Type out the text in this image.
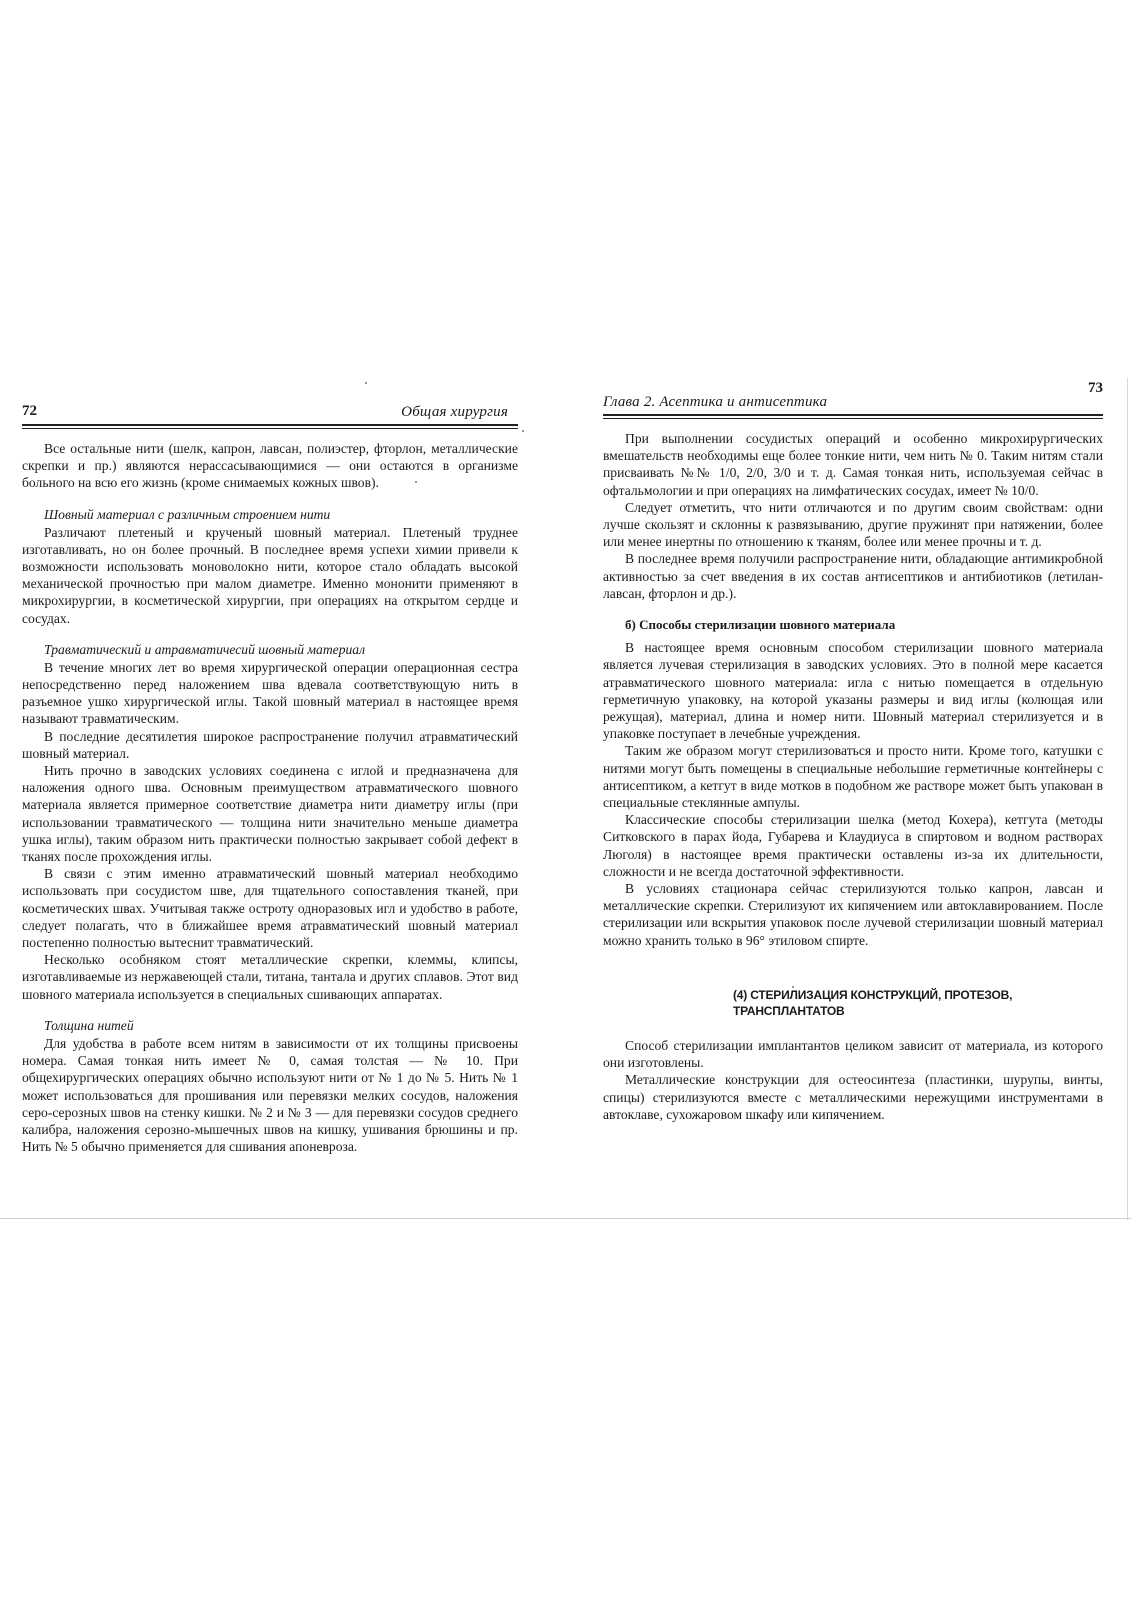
72	Общая хирургия

Все остальные нити (шелк, капрон, лавсан, полиэстер, фторлон, металлические скрепки и пр.) являются нерассасывающимися — они остаются в организме больного на всю его жизнь (кроме снимаемых кожных швов).

Шовный материал с различным строением нити

Различают плетеный и крученый шовный материал. Плетеный труднее изготавливать, но он более прочный. В последнее время успехи химии привели к возможности использовать моноволокно нити, которое стало обладать высокой механической прочностью при малом диаметре. Именно мононити применяют в микрохирургии, в косметической хирургии, при операциях на открытом сердце и сосудах.

Травматический и атравматичесий шовный материал

В течение многих лет во время хирургической операции операционная сестра непосредственно перед наложением шва вдевала соответствующую нить в разъемное ушко хирургической иглы. Такой шовный материал в настоящее время называют травматическим.

В последние десятилетия широкое распространение получил атравматический шовный материал.

Нить прочно в заводских условиях соединена с иглой и предназначена для наложения одного шва. Основным преимуществом атравматического шовного материала является примерное соответствие диаметра нити диаметру иглы (при использовании травматического — толщина нити значительно меньше диаметра ушка иглы), таким образом нить практически полностью закрывает собой дефект в тканях после прохождения иглы.

В связи с этим именно атравматический шовный материал необходимо использовать при сосудистом шве, для тщательного сопоставления тканей, при косметических швах. Учитывая также остроту одноразовых игл и удобство в работе, следует полагать, что в ближайшее время атравматический шовный материал постепенно полностью вытеснит травматический.

Несколько особняком стоят металлические скрепки, клеммы, клипсы, изготавливаемые из нержавеющей стали, титана, тантала и других сплавов. Этот вид шовного материала используется в специальных сшивающих аппаратах.

Толщина нитей

Для удобства в работе всем нитям в зависимости от их толщины присвоены номера. Самая тонкая нить имеет № 0, самая толстая — № 10. При общехирургических операциях обычно используют нити от № 1 до № 5. Нить № 1 может использоваться для прошивания или перевязки мелких сосудов, наложения серо-серозных швов на стенку кишки. № 2 и № 3 — для перевязки сосудов среднего калибра, наложения серозно-мышечных швов на кишку, ушивания брюшины и пр. Нить № 5 обычно применяется для сшивания апоневроза.

Глава 2. Асептика и антисептика
73

При выполнении сосудистых операций и особенно микрохирургических вмешательств необходимы еще более тонкие нити, чем нить № 0. Таким нитям стали присваивать №№ 1/0, 2/0, 3/0 и т. д. Самая тонкая нить, используемая сейчас в офтальмологии и при операциях на лимфатических сосудах, имеет № 10/0.

Следует отметить, что нити отличаются и по другим своим свойствам: одни лучше скользят и склонны к развязыванию, другие пружинят при натяжении, более или менее инертны по отношению к тканям, более или менее прочны и т. д.

В последнее время получили распространение нити, обладающие антимикробной активностью за счет введения в их состав антисептиков и антибиотиков (летилан-лавсан, фторлон и др.).

б) Способы стерилизации шовного материала

В настоящее время основным способом стерилизации шовного материала является лучевая стерилизация в заводских условиях. Это в полной мере касается атравматического шовного материала: игла с нитью помещается в отдельную герметичную упаковку, на которой указаны размеры и вид иглы (колющая или режущая), материал, длина и номер нити. Шовный материал стерилизуется и в упаковке поступает в лечебные учреждения.

Таким же образом могут стерилизоваться и просто нити. Кроме того, катушки с нитями могут быть помещены в специальные небольшие герметичные контейнеры с антисептиком, а кетгут в виде мотков в подобном же растворе может быть упакован в специальные стеклянные ампулы.

Классические способы стерилизации шелка (метод Кохера), кетгута (методы Ситковского в парах йода, Губарева и Клаудиуса в спиртовом и водном растворах Люголя) в настоящее время практически оставлены из-за их длительности, сложности и не всегда достаточной эффективности.

В условиях стационара сейчас стерилизуются только капрон, лавсан и металлические скрепки. Стерилизуют их кипячением или автоклавированием. После стерилизации или вскрытия упаковок после лучевой стерилизации шовный материал можно хранить только в 96° этиловом спирте.

(4) СТЕРИЛИЗАЦИЯ КОНСТРУКЦИЙ, ПРОТЕЗОВ,
ТРАНСПЛАНТАТОВ

Способ стерилизации имплантантов целиком зависит от материала, из которого они изготовлены.

Металлические конструкции для остеосинтеза (пластинки, шурупы, винты, спицы) стерилизуются вместе с металлическими нережущими инструментами в автоклаве, сухожаровом шкафу или кипячением.
